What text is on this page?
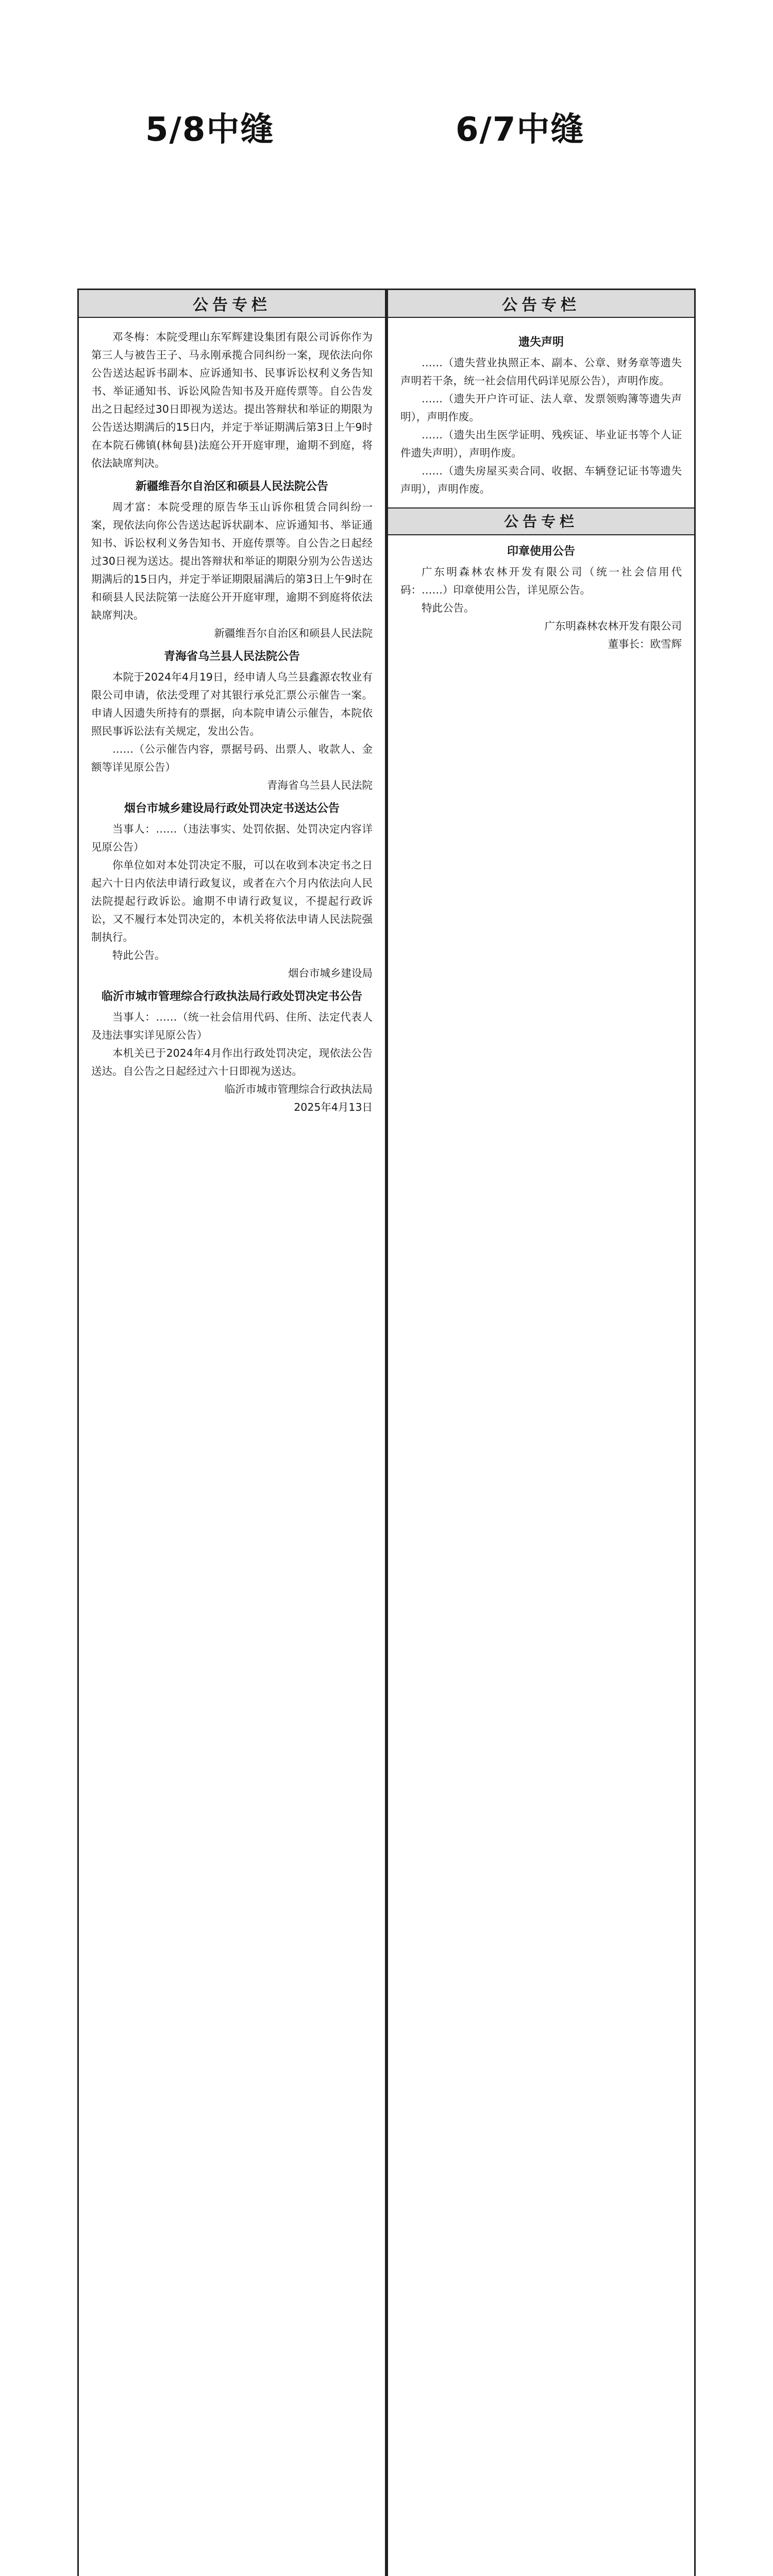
5/8中缝	6/7中缝
公告专栏

邓冬梅：本院受理山东军辉建设集团有限公司诉你作为第三人与被告王子、马永刚承揽合同纠纷一案，现依法向你公告送达起诉书副本、应诉通知书、民事诉讼权利义务告知书、举证通知书、诉讼风险告知书及开庭传票等。自公告发出之日起经过30日即视为送达。提出答辩状和举证的期限为公告送达期满后的15日内，并定于举证期满后第3日上午9时在本院石佛镇(林甸县)法庭公开开庭审理，逾期不到庭，将依法缺席判决。

新疆维吾尔自治区和硕县人民法院公告

周才富：本院受理的原告华玉山诉你租赁合同纠纷一案，现依法向你公告送达起诉状副本、应诉通知书、举证通知书、诉讼权利义务告知书、开庭传票等。自公告之日起经过30日视为送达。提出答辩状和举证的期限分别为公告送达期满后的15日内，并定于举证期限届满后的第3日上午9时在和硕县人民法院第一法庭公开开庭审理，逾期不到庭将依法缺席判决。

新疆维吾尔自治区和硕县人民法院

青海省乌兰县人民法院公告

本院于2024年4月19日，经申请人乌兰县鑫源农牧业有限公司申请，依法受理了对其银行承兑汇票公示催告一案。申请人因遗失所持有的票据，向本院申请公示催告，本院依照民事诉讼法有关规定，发出公告。

……（公示催告内容，票据号码、出票人、收款人、金额等详见原公告）

青海省乌兰县人民法院

烟台市城乡建设局行政处罚决定书送达公告

当事人：……（违法事实、处罚依据、处罚决定内容详见原公告）

你单位如对本处罚决定不服，可以在收到本决定书之日起六十日内依法申请行政复议，或者在六个月内依法向人民法院提起行政诉讼。逾期不申请行政复议，不提起行政诉讼，又不履行本处罚决定的，本机关将依法申请人民法院强制执行。

特此公告。

烟台市城乡建设局

临沂市城市管理综合行政执法局行政处罚决定书公告

当事人：……（统一社会信用代码、住所、法定代表人及违法事实详见原公告）

本机关已于2024年4月作出行政处罚决定，现依法公告送达。自公告之日起经过六十日即视为送达。

临沂市城市管理综合行政执法局

2025年4月13日

公告专栏
遗失声明

……（遗失营业执照正本、副本、公章、财务章等遗失声明若干条，统一社会信用代码详见原公告），声明作废。

……（遗失开户许可证、法人章、发票领购簿等遗失声明），声明作废。

……（遗失出生医学证明、残疾证、毕业证书等个人证件遗失声明），声明作废。

……（遗失房屋买卖合同、收据、车辆登记证书等遗失声明），声明作废。

公告专栏
印章使用公告

广东明森林农林开发有限公司（统一社会信用代码：……）印章使用公告，详见原公告。

特此公告。

广东明森林农林开发有限公司

董事长：欧雪辉
